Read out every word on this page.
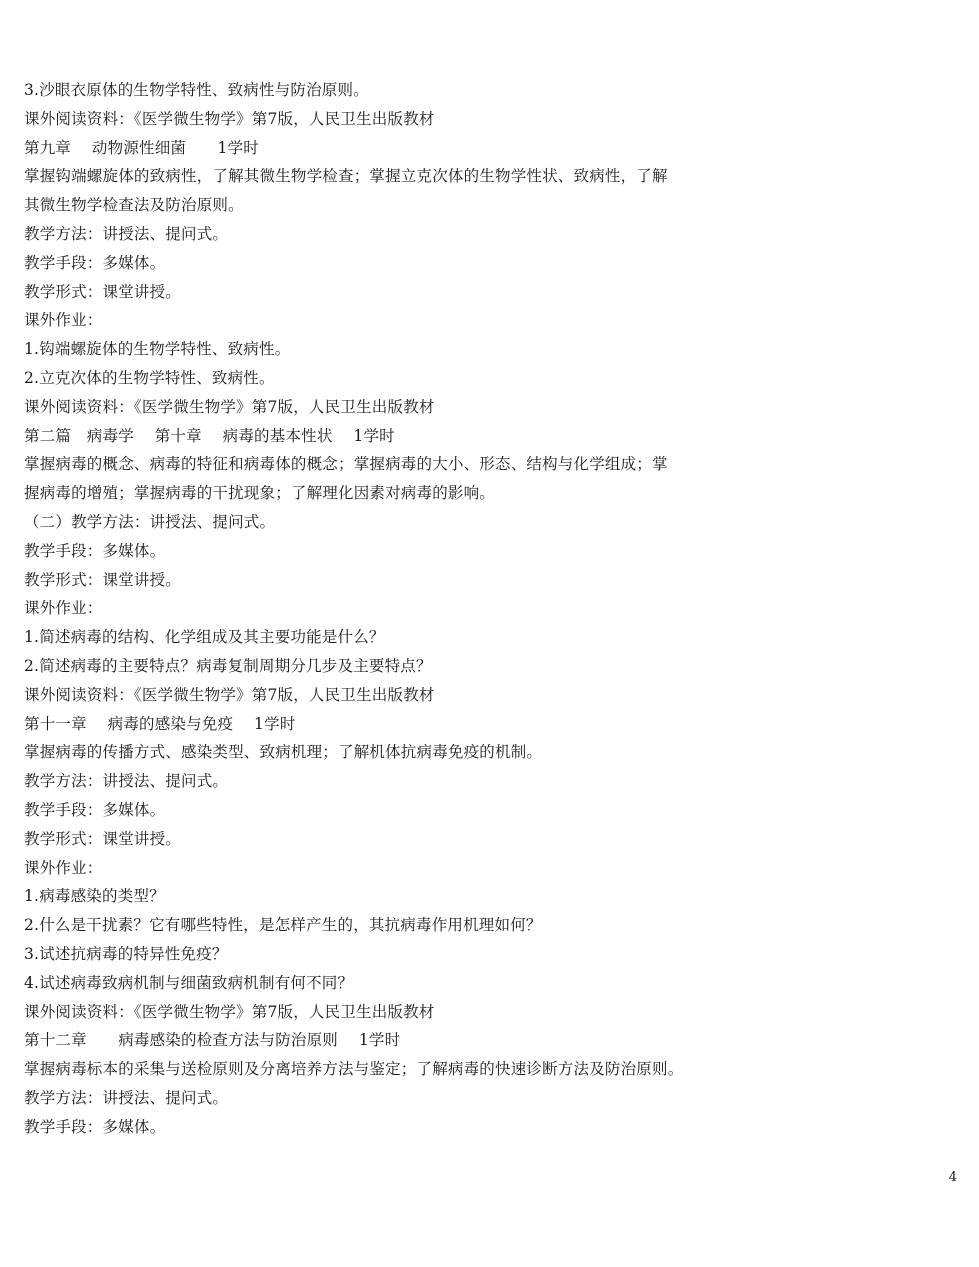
3.沙眼衣原体的生物学特性、致病性与防治原则。
课外阅读资料：《医学微生物学》第7版，人民卫生出版教材
第九章　 动物源性细菌　　1学时
掌握钩端螺旋体的致病性，了解其微生物学检查；掌握立克次体的生物学性状、致病性，了解
其微生物学检查法及防治原则。
教学方法：讲授法、提问式。
教学手段：多媒体。
教学形式：课堂讲授。
课外作业：
1.钩端螺旋体的生物学特性、致病性。
2.立克次体的生物学特性、致病性。
课外阅读资料：《医学微生物学》第7版，人民卫生出版教材
第二篇　病毒学　 第十章　 病毒的基本性状　 1学时
掌握病毒的概念、病毒的特征和病毒体的概念；掌握病毒的大小、形态、结构与化学组成；掌
握病毒的增殖；掌握病毒的干扰现象；了解理化因素对病毒的影响。
（二）教学方法：讲授法、提问式。
教学手段：多媒体。
教学形式：课堂讲授。
课外作业：
1.简述病毒的结构、化学组成及其主要功能是什么？
2.简述病毒的主要特点？病毒复制周期分几步及主要特点？
课外阅读资料：《医学微生物学》第7版，人民卫生出版教材
第十一章　 病毒的感染与免疫　 1学时
掌握病毒的传播方式、感染类型、致病机理；了解机体抗病毒免疫的机制。
教学方法：讲授法、提问式。
教学手段：多媒体。
教学形式：课堂讲授。
课外作业：
1.病毒感染的类型？
2.什么是干扰素？它有哪些特性，是怎样产生的，其抗病毒作用机理如何？
3.试述抗病毒的特异性免疫？
4.试述病毒致病机制与细菌致病机制有何不同？
课外阅读资料：《医学微生物学》第7版，人民卫生出版教材
第十二章　　病毒感染的检查方法与防治原则　 1学时
掌握病毒标本的采集与送检原则及分离培养方法与鉴定；了解病毒的快速诊断方法及防治原则。
教学方法：讲授法、提问式。
教学手段：多媒体。
4
